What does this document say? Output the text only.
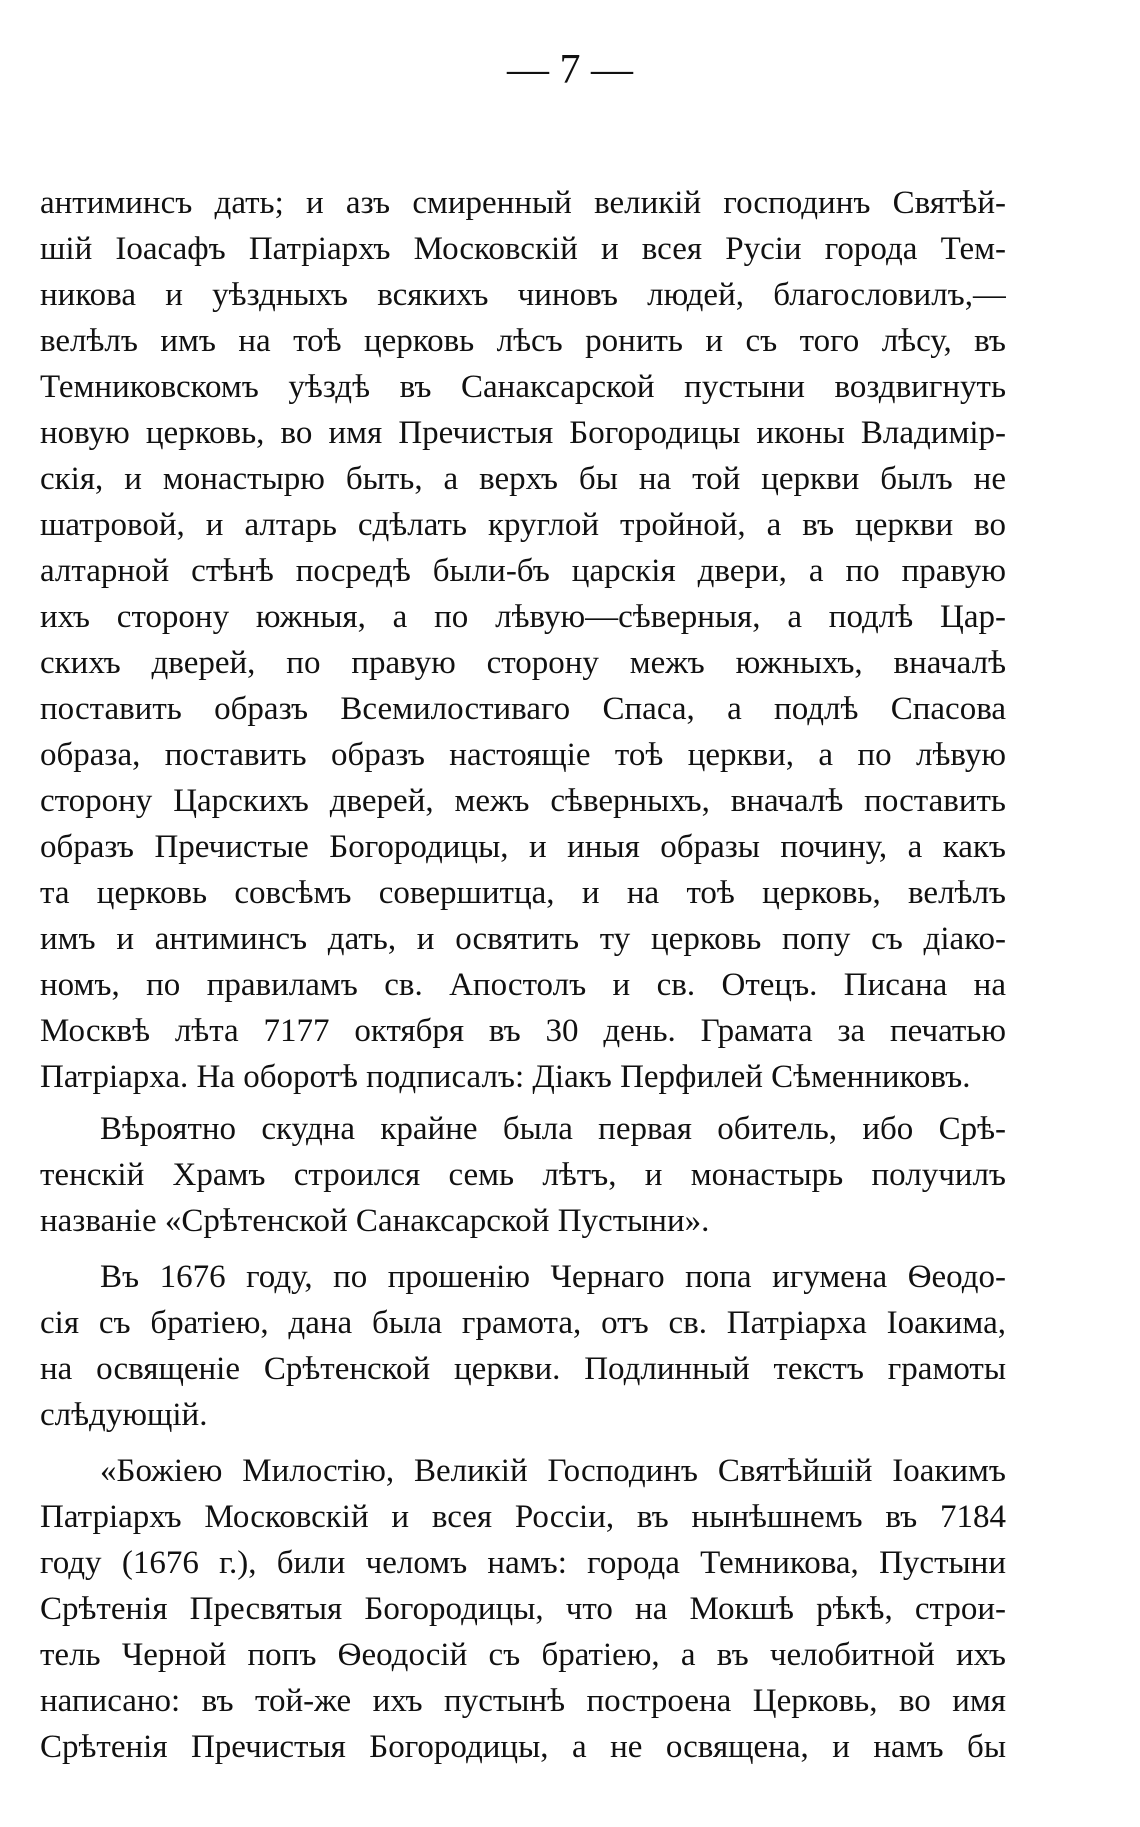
— 7 —
антиминсъ дать; и азъ смиренный великій господинъ Святѣй-
шій Іоасафъ Патріархъ Московскій и всея Русіи города Тем-
никова и уѣздныхъ всякихъ чиновъ людей, благословилъ,—
велѣлъ имъ на тоѣ церковь лѣсъ ронить и съ того лѣсу, въ
Темниковскомъ уѣздѣ въ Санаксарской пустыни воздвигнуть
новую церковь, во имя Пречистыя Богородицы иконы Владимір-
скія, и монастырю быть, а верхъ бы на той церкви былъ не
шатровой, и алтарь сдѣлать круглой тройной, а въ церкви во
алтарной стѣнѣ посредѣ были-бъ царскія двери, а по правую
ихъ сторону южныя, а по лѣвую—сѣверныя, а подлѣ Цар-
скихъ дверей, по правую сторону межъ южныхъ, вначалѣ
поставить образъ Всемилостиваго Спаса, а подлѣ Спасова
образа, поставить образъ настоящіе тоѣ церкви, а по лѣвую
сторону Царскихъ дверей, межъ сѣверныхъ, вначалѣ поставить
образъ Пречистые Богородицы, и иныя образы почину, а какъ
та церковь совсѣмъ совершитца, и на тоѣ церковь, велѣлъ
имъ и антиминсъ дать, и освятить ту церковь попу съ діако-
номъ, по правиламъ св. Апостолъ и св. Отецъ. Писана на
Москвѣ лѣта 7177 октября въ 30 день. Грамата за печатью
Патріарха. На оборотѣ подписалъ: Діакъ Перфилей Сѣменниковъ.
Вѣроятно скудна крайне была первая обитель, ибо Срѣ-
тенскій Храмъ строился семь лѣтъ, и монастырь получилъ
названіе «Срѣтенской Санаксарской Пустыни».
Въ 1676 году, по прошенію Чернаго попа игумена Ѳеодо-
сія съ братіею, дана была грамота, отъ св. Патріарха Іоакима,
на освященіе Срѣтенской церкви. Подлинный текстъ грамоты
слѣдующій.
«Божіею Милостію, Великій Господинъ Святѣйшій Іоакимъ
Патріархъ Московскій и всея Россіи, въ нынѣшнемъ въ 7184
году (1676 г.), били челомъ намъ: города Темникова, Пустыни
Срѣтенія Пресвятыя Богородицы, что на Мокшѣ рѣкѣ, строи-
тель Черной попъ Ѳеодосій съ братіею, а въ челобитной ихъ
написано: въ той-же ихъ пустынѣ построена Церковь, во имя
Срѣтенія Пречистыя Богородицы, а не освящена, и намъ бы
